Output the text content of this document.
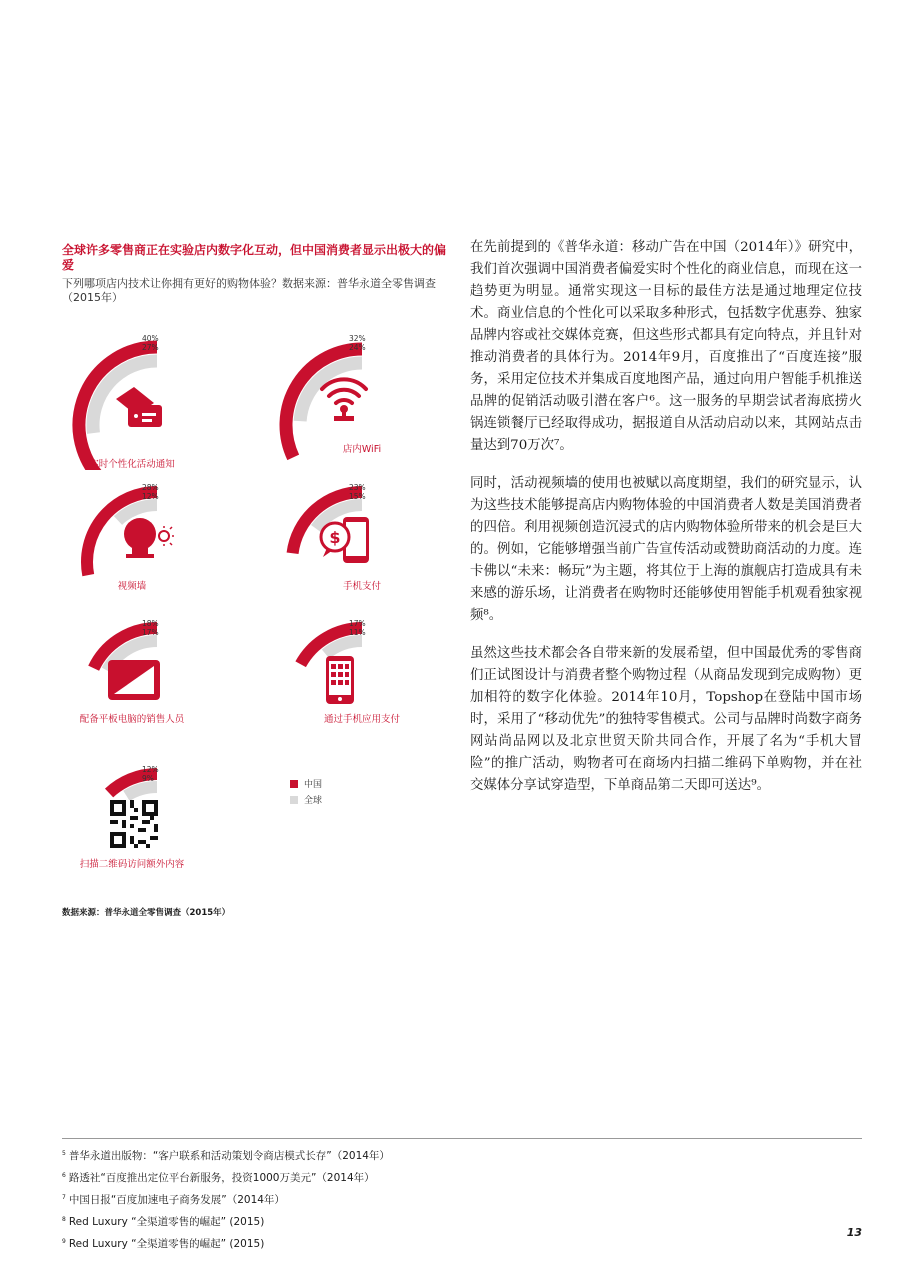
全球许多零售商正在实验店内数字化互动，但中国消费者显示出极大的偏爱
下列哪项店内技术让你拥有更好的购物体验？数据来源：普华永道全零售调查（2015年）
40%
27%
实时个性化活动通知
32%
24%
店内WiFi
28%
12%
视频墙
23%
15%
$
手机支付
18%
17%
配备平板电脑的销售人员
17%
11%
通过手机应用支付
12%
9%
扫描二维码访问额外内容
中国
全球
数据来源：普华永道全零售调查（2015年）

在先前提到的《普华永道：移动广告在中国（2014年）》研究中，我们首次强调中国消费者偏爱实时个性化的商业信息，而现在这一趋势更为明显。通常实现这一目标的最佳方法是通过地理定位技术。商业信息的个性化可以采取多种形式，包括数字优惠券、独家品牌内容或社交媒体竞赛，但这些形式都具有定向特点，并且针对推动消费者的具体行为。2014年9月，百度推出了“百度连接”服务，采用定位技术并集成百度地图产品，通过向用户智能手机推送品牌的促销活动吸引潜在客户⁶。这一服务的早期尝试者海底捞火锅连锁餐厅已经取得成功，据报道自从活动启动以来，其网站点击量达到70万次⁷。

同时，活动视频墙的使用也被赋以高度期望，我们的研究显示，认为这些技术能够提高店内购物体验的中国消费者人数是美国消费者的四倍。利用视频创造沉浸式的店内购物体验所带来的机会是巨大的。例如，它能够增强当前广告宣传活动或赞助商活动的力度。连卡佛以“未来：畅玩”为主题，将其位于上海的旗舰店打造成具有未来感的游乐场，让消费者在购物时还能够使用智能手机观看独家视频⁸。

虽然这些技术都会各自带来新的发展希望，但中国最优秀的零售商们正试图设计与消费者整个购物过程（从商品发现到完成购物）更加相符的数字化体验。2014年10月，Topshop在登陆中国市场时，采用了“移动优先”的独特零售模式。公司与品牌时尚数字商务网站尚品网以及北京世贸天阶共同合作，开展了名为“手机大冒险”的推广活动，购物者可在商场内扫描二维码下单购物，并在社交媒体分享试穿造型，下单商品第二天即可送达⁹。

$^5$ 普华永道出版物：“客户联系和活动策划令商店模式长存”（2014年）
$^6$ 路透社“百度推出定位平台新服务，投资1000万美元”（2014年）
$^7$ 中国日报“百度加速电子商务发展”（2014年）
$^8$ Red Luxury “全渠道零售的崛起” (2015)
$^9$ Red Luxury “全渠道零售的崛起” (2015)
13
